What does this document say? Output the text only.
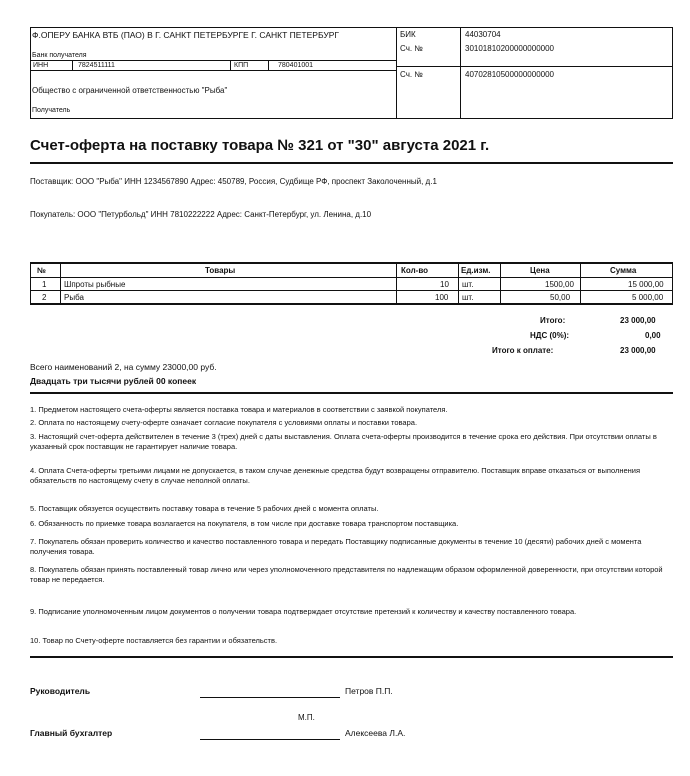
Ф.ОПЕРУ БАНКА ВТБ (ПАО) В Г. САНКТ ПЕТЕРБУРГЕ Г. САНКТ ПЕТЕРБУРГ
Банк получателя
ИНН	7824511111	КПП	780401001
Общество с ограниченной ответственностью "Рыба"
Получатель
БИК	44030704
Сч. №	30101810200000000000
Сч. №	40702810500000000000
Счет-оферта на поставку товара № 321 от "30" августа 2021 г.
Поставщик: ООО "Рыба" ИНН 1234567890 Адрес: 450789, Россия, Судбище РФ, проспект Заколоченный, д.1
Покупатель: ООО "Петурбольд" ИНН 7810222222 Адрес: Санкт-Петербург, ул. Ленина, д.10
№	Товары	Кол-во	Ед.изм.	Цена	Сумма
1 Шпроты рыбные	10 шт.	1500,00	15 000,00
2 Рыба	100 шт.	50,00	5 000,00
Итого:	23 000,00
НДС (0%):	0,00
Итого к оплате:	23 000,00
Всего наименований 2, на сумму 23000,00 руб.
Двадцать три тысячи рублей 00 копеек
1. Предметом настоящего счета-оферты является поставка товара и материалов в соответствии с заявкой покупателя.
2. Оплата по настоящему счету-оферте означает согласие покупателя с условиями оплаты и поставки товара.
3. Настоящий счет-оферта действителен в течение 3 (трех) дней с даты выставления. Оплата счета-оферты производится в течение срока его действия. При отсутствии оплаты в указанный срок поставщик не гарантирует наличие товара.
4. Оплата Счета-оферты третьими лицами не допускается, в таком случае денежные средства будут возвращены отправителю. Поставщик вправе отказаться от выполнения обязательств по настоящему счету в случае неполной оплаты.
5. Поставщик обязуется осуществить поставку товара в течение 5 рабочих дней с момента оплаты.
6. Обязанность по приемке товара возлагается на покупателя, в том числе при доставке товара транспортом поставщика.
7. Покупатель обязан проверить количество и качество поставленного товара и передать Поставщику подписанные документы в течение 10 (десяти) рабочих дней с момента получения товара.
8. Покупатель обязан принять поставленный товар лично или через уполномоченного представителя по надлежащим образом оформленной доверенности, при отсутствии которой товар не передается.
9. Подписание уполномоченным лицом документов о получении товара подтверждает отсутствие претензий к количеству и качеству поставленного товара.
10. Товар по Счету-оферте поставляется без гарантии и обязательств.
Руководитель	Петров П.П.
М.П.
Главный бухгалтер	Алексеева Л.А.
